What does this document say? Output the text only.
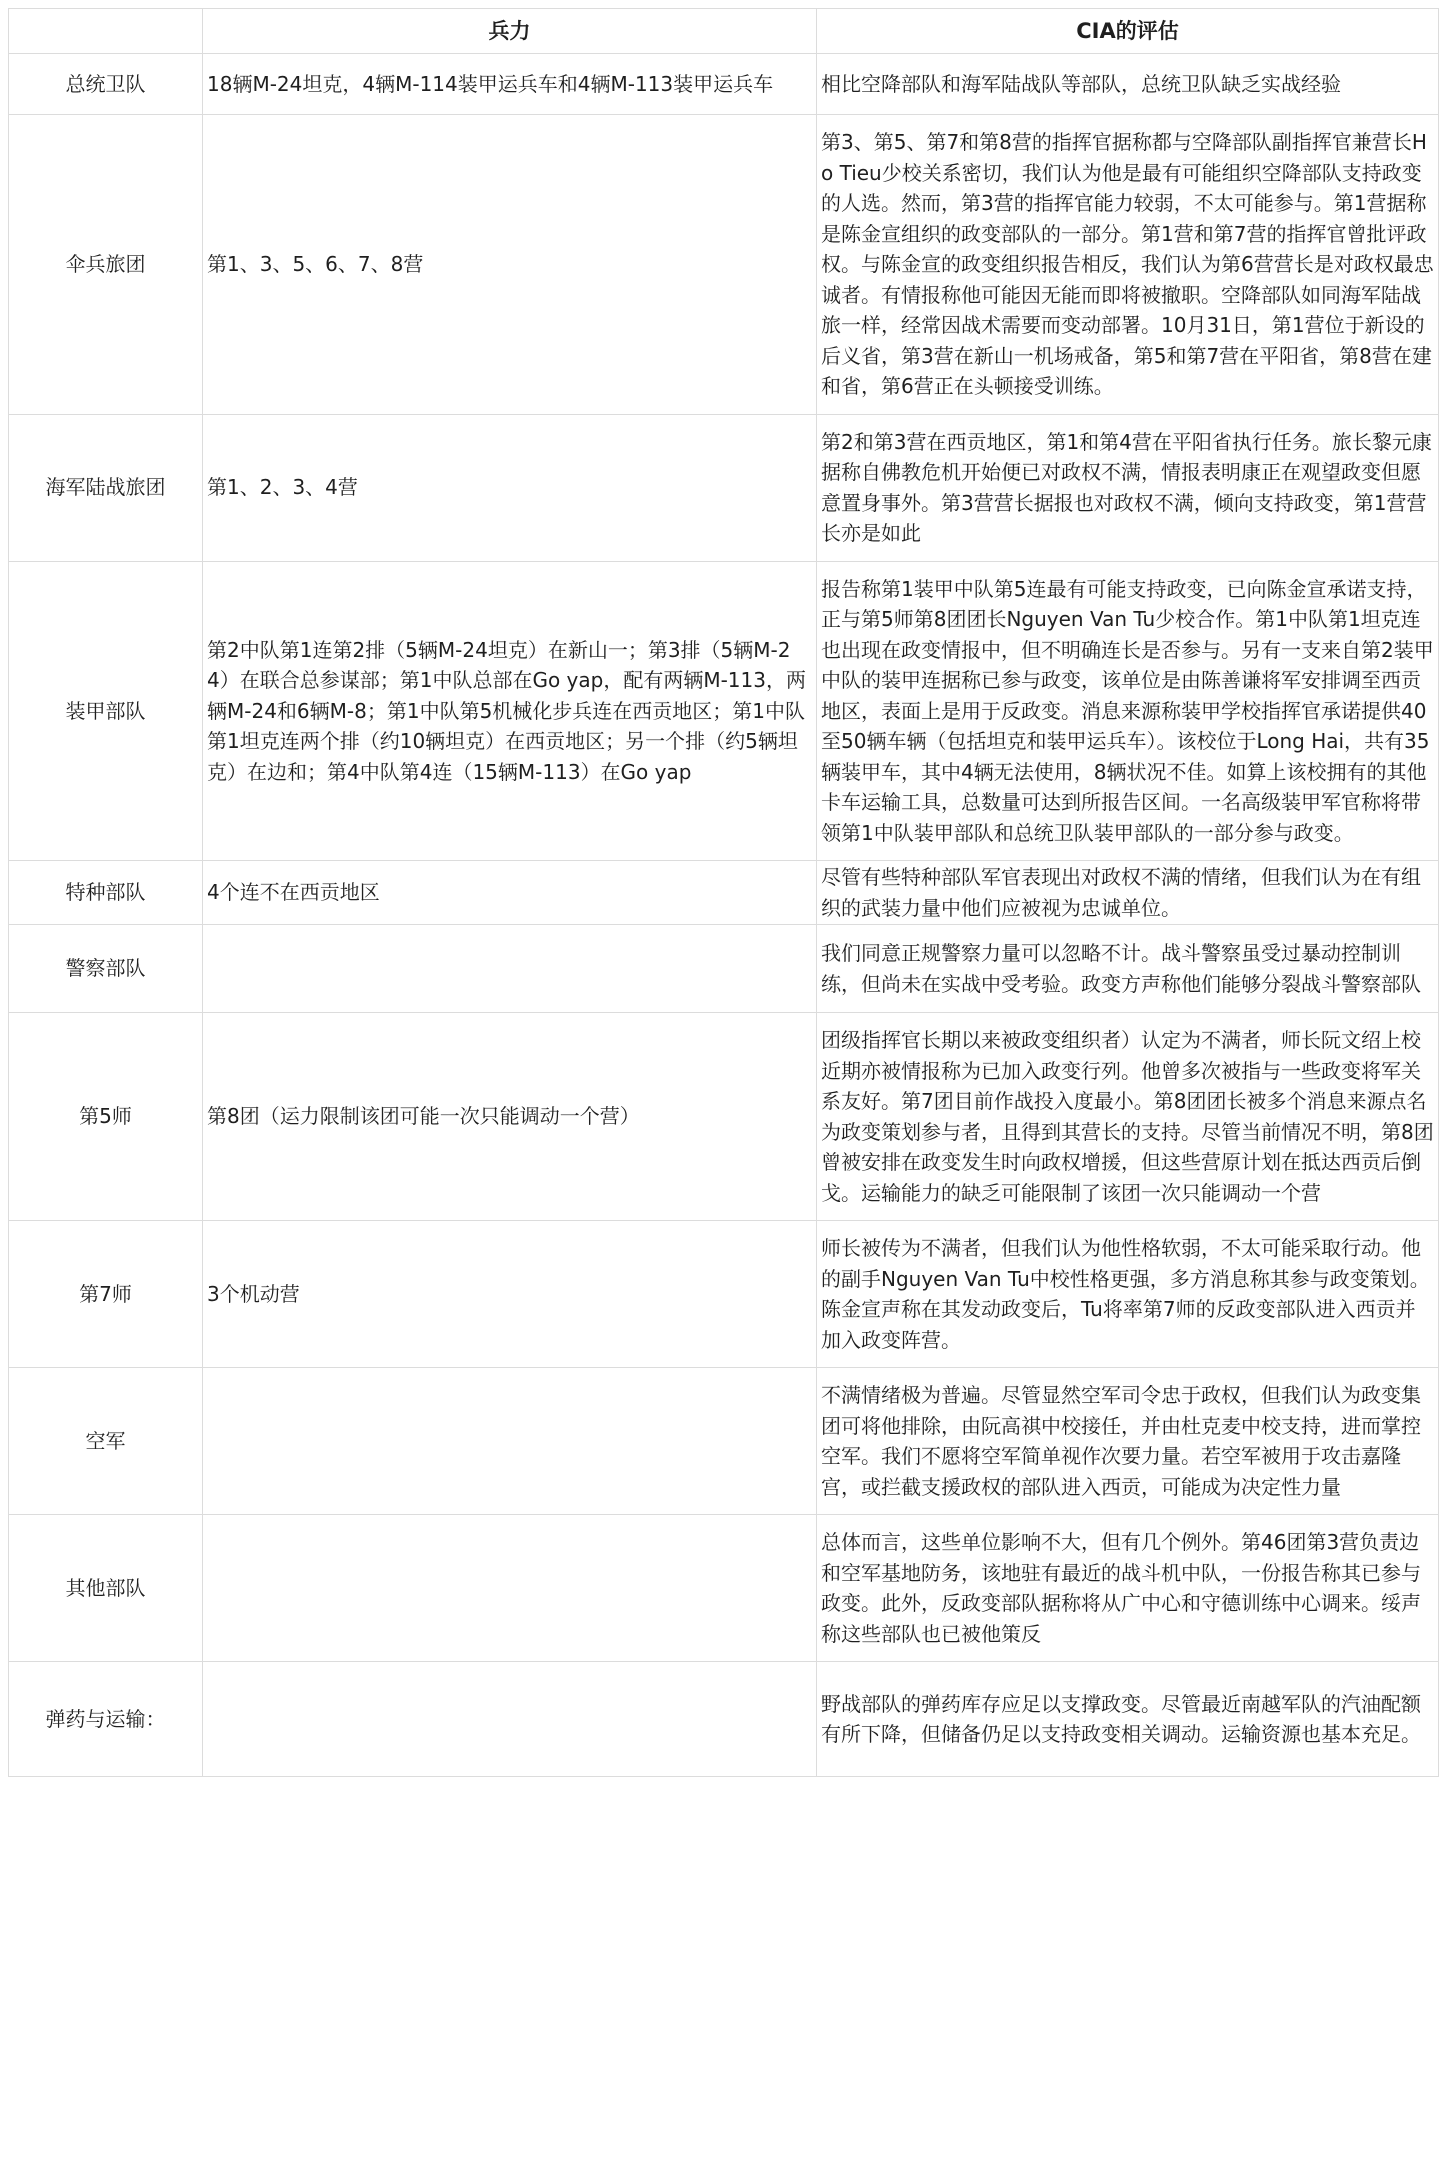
	兵力	CIA的评估
总统卫队	18辆M-24坦克，4辆M-114装甲运兵车和4辆M-113装甲运兵车	相比空降部队和海军陆战队等部队，总统卫队缺乏实战经验
伞兵旅团	第1、3、5、6、7、8营	第3、第5、第7和第8营的指挥官据称都与空降部队副指挥官兼营长Ho Tieu少校关系密切，我们认为他是最有可能组织空降部队支持政变的人选。然而，第3营的指挥官能力较弱，不太可能参与。第1营据称是陈金宣组织的政变部队的一部分。第1营和第7营的指挥官曾批评政权。与陈金宣的政变组织报告相反，我们认为第6营营长是对政权最忠诚者。有情报称他可能因无能而即将被撤职。空降部队如同海军陆战旅一样，经常因战术需要而变动部署。10月31日，第1营位于新设的后义省，第3营在新山一机场戒备，第5和第7营在平阳省，第8营在建和省，第6营正在头顿接受训练。
海军陆战旅团	第1、2、3、4营	第2和第3营在西贡地区，第1和第4营在平阳省执行任务。旅长黎元康据称自佛教危机开始便已对政权不满，情报表明康正在观望政变但愿意置身事外。第3营营长据报也对政权不满，倾向支持政变，第1营营长亦是如此
装甲部队	第2中队第1连第2排（5辆M-24坦克）在新山一；第3排（5辆M-24）在联合总参谋部；第1中队总部在Go yap，配有两辆M-113，两辆M-24和6辆M-8；第1中队第5机械化步兵连在西贡地区；第1中队第1坦克连两个排（约10辆坦克）在西贡地区；另一个排（约5辆坦克）在边和；第4中队第4连（15辆M-113）在Go yap	报告称第1装甲中队第5连最有可能支持政变，已向陈金宣承诺支持，正与第5师第8团团长Nguyen Van Tu少校合作。第1中队第1坦克连也出现在政变情报中，但不明确连长是否参与。另有一支来自第2装甲中队的装甲连据称已参与政变，该单位是由陈善谦将军安排调至西贡地区，表面上是用于反政变。消息来源称装甲学校指挥官承诺提供40至50辆车辆（包括坦克和装甲运兵车）。该校位于Long Hai，共有35辆装甲车，其中4辆无法使用，8辆状况不佳。如算上该校拥有的其他卡车运输工具，总数量可达到所报告区间。一名高级装甲军官称将带领第1中队装甲部队和总统卫队装甲部队的一部分参与政变。
特种部队	4个连不在西贡地区	尽管有些特种部队军官表现出对政权不满的情绪，但我们认为在有组织的武装力量中他们应被视为忠诚单位。
警察部队		我们同意正规警察力量可以忽略不计。战斗警察虽受过暴动控制训练，但尚未在实战中受考验。政变方声称他们能够分裂战斗警察部队
第5师	第8团（运力限制该团可能一次只能调动一个营）	团级指挥官长期以来被政变组织者）认定为不满者，师长阮文绍上校近期亦被情报称为已加入政变行列。他曾多次被指与一些政变将军关系友好。第7团目前作战投入度最小。第8团团长被多个消息来源点名为政变策划参与者，且得到其营长的支持。尽管当前情况不明，第8团曾被安排在政变发生时向政权增援，但这些营原计划在抵达西贡后倒戈。运输能力的缺乏可能限制了该团一次只能调动一个营
第7师	3个机动营	师长被传为不满者，但我们认为他性格软弱，不太可能采取行动。他的副手Nguyen Van Tu中校性格更强，多方消息称其参与政变策划。陈金宣声称在其发动政变后，Tu将率第7师的反政变部队进入西贡并加入政变阵营。
空军		不满情绪极为普遍。尽管显然空军司令忠于政权，但我们认为政变集团可将他排除，由阮高祺中校接任，并由杜克麦中校支持，进而掌控空军。我们不愿将空军简单视作次要力量。若空军被用于攻击嘉隆宫，或拦截支援政权的部队进入西贡，可能成为决定性力量
其他部队		总体而言，这些单位影响不大，但有几个例外。第46团第3营负责边和空军基地防务，该地驻有最近的战斗机中队，一份报告称其已参与政变。此外，反政变部队据称将从广中心和守德训练中心调来。绥声称这些部队也已被他策反
弹药与运输：		野战部队的弹药库存应足以支撑政变。尽管最近南越军队的汽油配额有所下降，但储备仍足以支持政变相关调动。运输资源也基本充足。
